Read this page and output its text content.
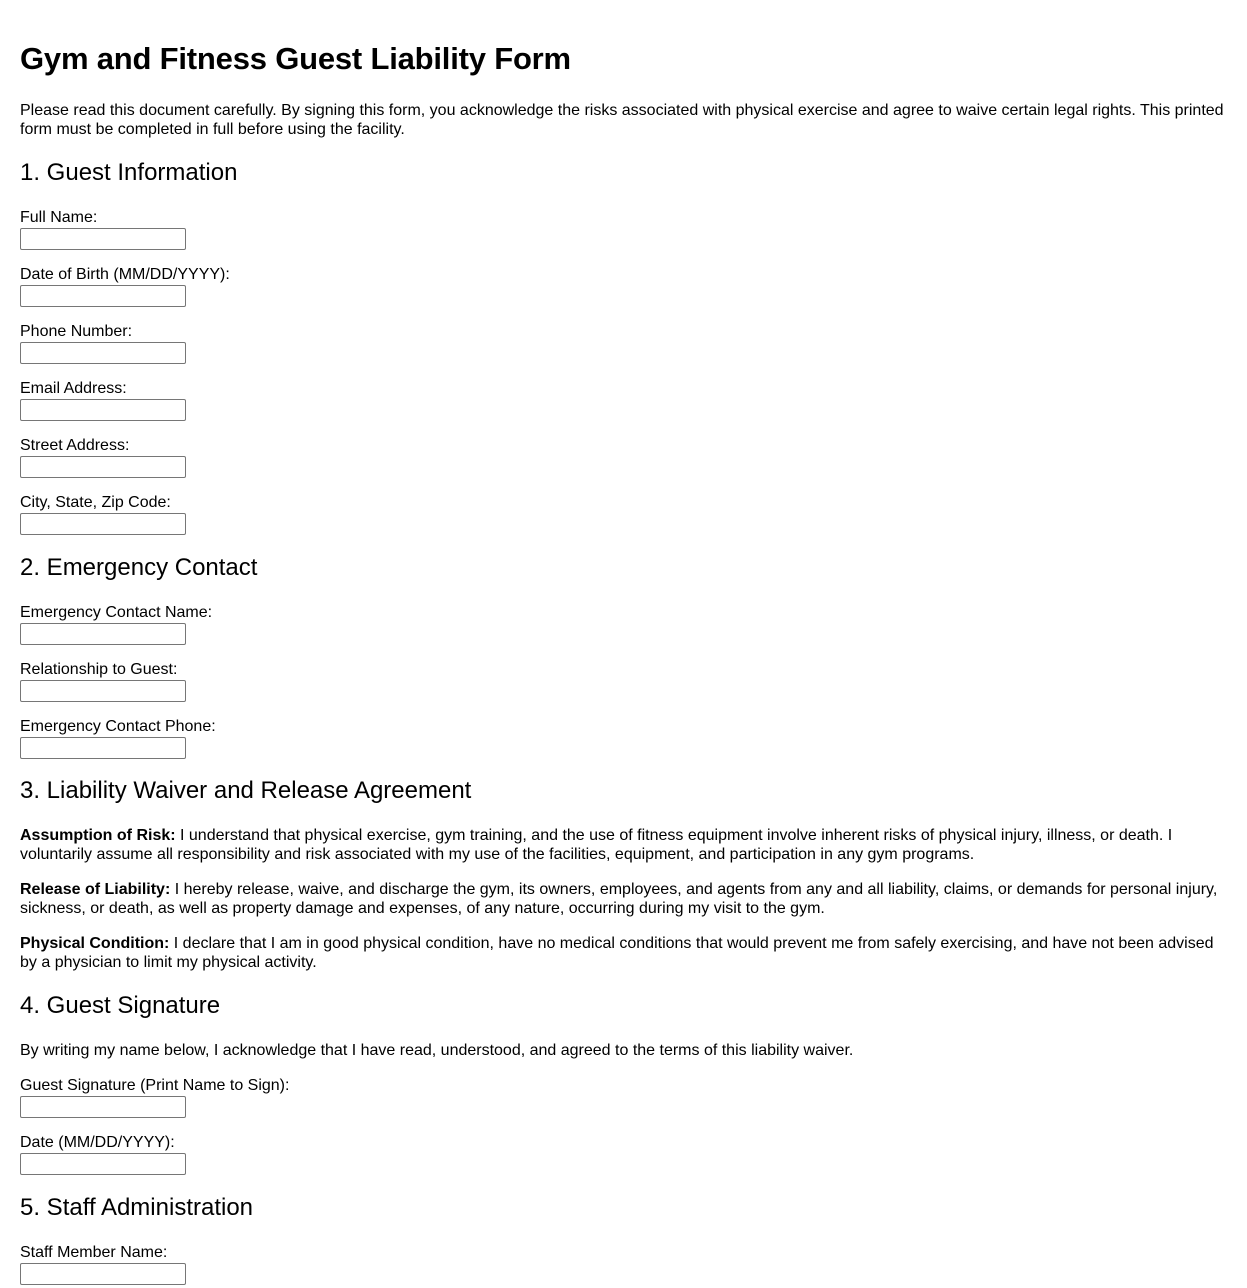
Gym and Fitness Guest Liability Form

Please read this document carefully. By signing this form, you acknowledge the risks associated with physical exercise and agree to waive certain legal rights. This printed form must be completed in full before using the facility.

1. Guest Information
Full Name:
Date of Birth (MM/DD/YYYY):
Phone Number:
Email Address:
Street Address:
City, State, Zip Code:
2. Emergency Contact
Emergency Contact Name:
Relationship to Guest:
Emergency Contact Phone:
3. Liability Waiver and Release Agreement

Assumption of Risk: I understand that physical exercise, gym training, and the use of fitness equipment involve inherent risks of physical injury, illness, or death. I voluntarily assume all responsibility and risk associated with my use of the facilities, equipment, and participation in any gym programs.

Release of Liability: I hereby release, waive, and discharge the gym, its owners, employees, and agents from any and all liability, claims, or demands for personal injury, sickness, or death, as well as property damage and expenses, of any nature, occurring during my visit to the gym.

Physical Condition: I declare that I am in good physical condition, have no medical conditions that would prevent me from safely exercising, and have not been advised by a physician to limit my physical activity.

4. Guest Signature

By writing my name below, I acknowledge that I have read, understood, and agreed to the terms of this liability waiver.

Guest Signature (Print Name to Sign):
Date (MM/DD/YYYY):
5. Staff Administration
Staff Member Name:
